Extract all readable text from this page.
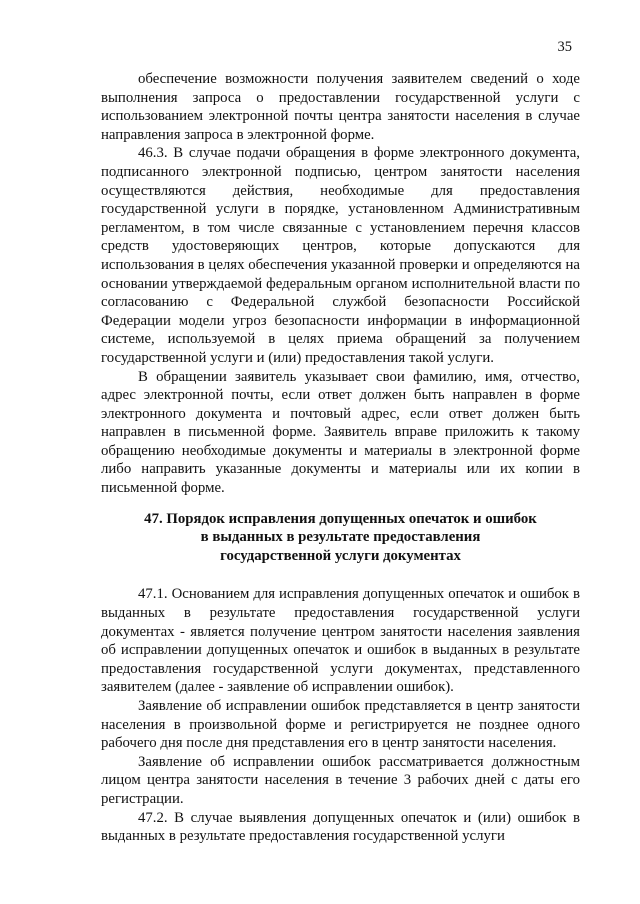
35

обеспечение возможности получения заявителем сведений о ходе выполнения запроса о предоставлении государственной услуги с использованием электронной почты центра занятости населения в случае направления запроса в электронной форме.

46.3. В случае подачи обращения в форме электронного документа, подписанного электронной подписью, центром занятости населения осуществляются действия, необходимые для предоставления государственной услуги в порядке, установленном Административным регламентом, в том числе связанные с установлением перечня классов средств удостоверяющих центров, которые допускаются для использования в целях обеспечения указанной проверки и определяются на основании утверждаемой федеральным органом исполнительной власти по согласованию с Федеральной службой безопасности Российской Федерации модели угроз безопасности информации в информационной системе, используемой в целях приема обращений за получением государственной услуги и (или) предоставления такой услуги.

В обращении заявитель указывает свои фамилию, имя, отчество, адрес электронной почты, если ответ должен быть направлен в форме электронного документа и почтовый адрес, если ответ должен быть направлен в письменной форме. Заявитель вправе приложить к такому обращению необходимые документы и материалы в электронной форме либо направить указанные документы и материалы или их копии в письменной форме.

47. Порядок исправления допущенных опечаток и ошибок
в выданных в результате предоставления
государственной услуги документах

47.1. Основанием для исправления допущенных опечаток и ошибок в выданных в результате предоставления государственной услуги документах - является получение центром занятости населения заявления об исправлении допущенных опечаток и ошибок в выданных в результате предоставления государственной услуги документах, представленного заявителем (далее - заявление об исправлении ошибок).

Заявление об исправлении ошибок представляется в центр занятости населения в произвольной форме и регистрируется не позднее одного рабочего дня после дня представления его в центр занятости населения.

Заявление об исправлении ошибок рассматривается должностным лицом центра занятости населения в течение 3 рабочих дней с даты его регистрации.

47.2. В случае выявления допущенных опечаток и (или) ошибок в выданных в результате предоставления государственной услуги
